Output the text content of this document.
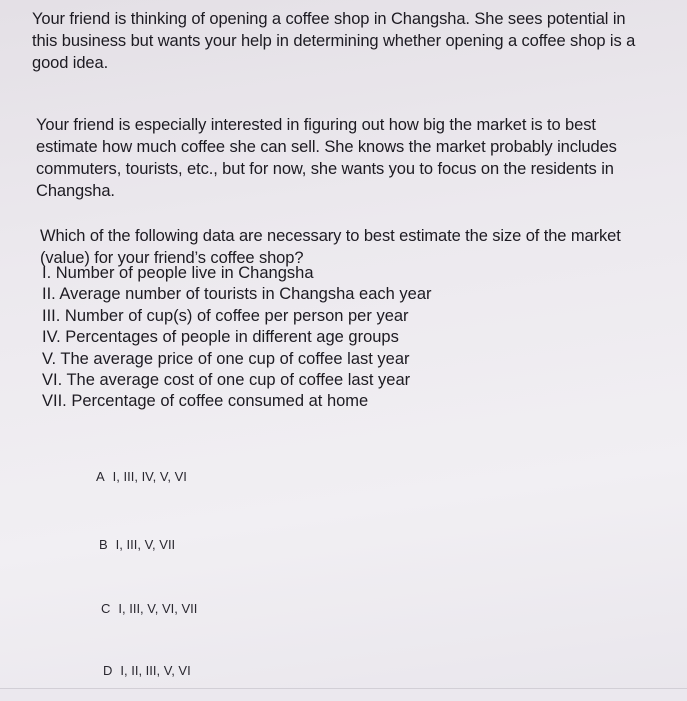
Your friend is thinking of opening a coffee shop in Changsha. She sees potential in
this business but wants your help in determining whether opening a coffee shop is a
good idea.

Your friend is especially interested in figuring out how big the market is to best
estimate how much coffee she can sell. She knows the market probably includes
commuters, tourists, etc., but for now, she wants you to focus on the residents in
Changsha.

Which of the following data are necessary to best estimate the size of the market
(value) for your friend’s coffee shop?

I. Number of people live in Changsha
II. Average number of tourists in Changsha each year
III. Number of cup(s) of coffee per person per year
IV. Percentages of people in different age groups
V. The average price of one cup of coffee last year
VI. The average cost of one cup of coffee last year
VII. Percentage of coffee consumed at home
A I, III, IV, V, VI
B I, III, V, VII
C I, III, V, VI, VII
D I, II, III, V, VI
